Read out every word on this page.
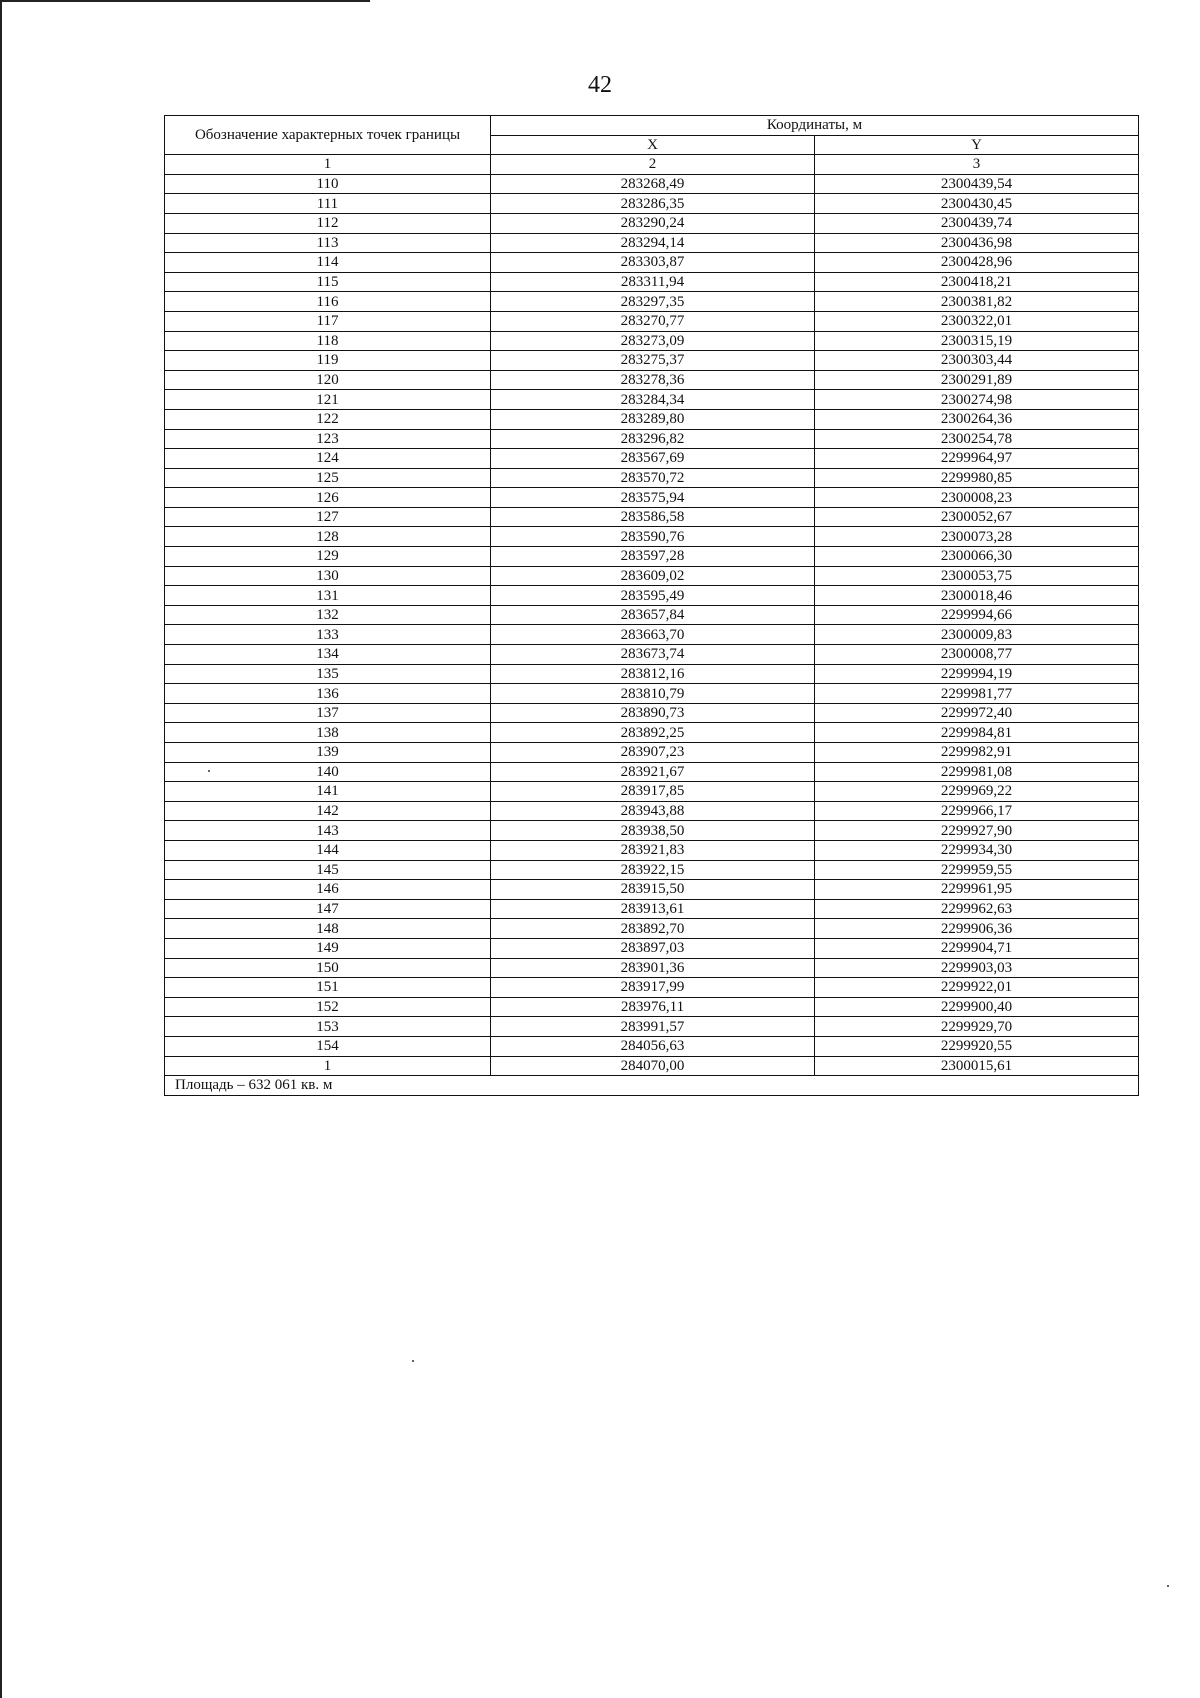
42
Обозначение характерных точек границы	Координаты, м	
	X	Y
1	2	3
110	283268,49	2300439,54
111	283286,35	2300430,45
112	283290,24	2300439,74
113	283294,14	2300436,98
114	283303,87	2300428,96
115	283311,94	2300418,21
116	283297,35	2300381,82
117	283270,77	2300322,01
118	283273,09	2300315,19
119	283275,37	2300303,44
120	283278,36	2300291,89
121	283284,34	2300274,98
122	283289,80	2300264,36
123	283296,82	2300254,78
124	283567,69	2299964,97
125	283570,72	2299980,85
126	283575,94	2300008,23
127	283586,58	2300052,67
128	283590,76	2300073,28
129	283597,28	2300066,30
130	283609,02	2300053,75
131	283595,49	2300018,46
132	283657,84	2299994,66
133	283663,70	2300009,83
134	283673,74	2300008,77
135	283812,16	2299994,19
136	283810,79	2299981,77
137	283890,73	2299972,40
138	283892,25	2299984,81
139	283907,23	2299982,91
140	283921,67	2299981,08
141	283917,85	2299969,22
142	283943,88	2299966,17
143	283938,50	2299927,90
144	283921,83	2299934,30
145	283922,15	2299959,55
146	283915,50	2299961,95
147	283913,61	2299962,63
148	283892,70	2299906,36
149	283897,03	2299904,71
150	283901,36	2299903,03
151	283917,99	2299922,01
152	283976,11	2299900,40
153	283991,57	2299929,70
154	284056,63	2299920,55
1	284070,00	2300015,61
Площадь – 632 061 кв. м		
